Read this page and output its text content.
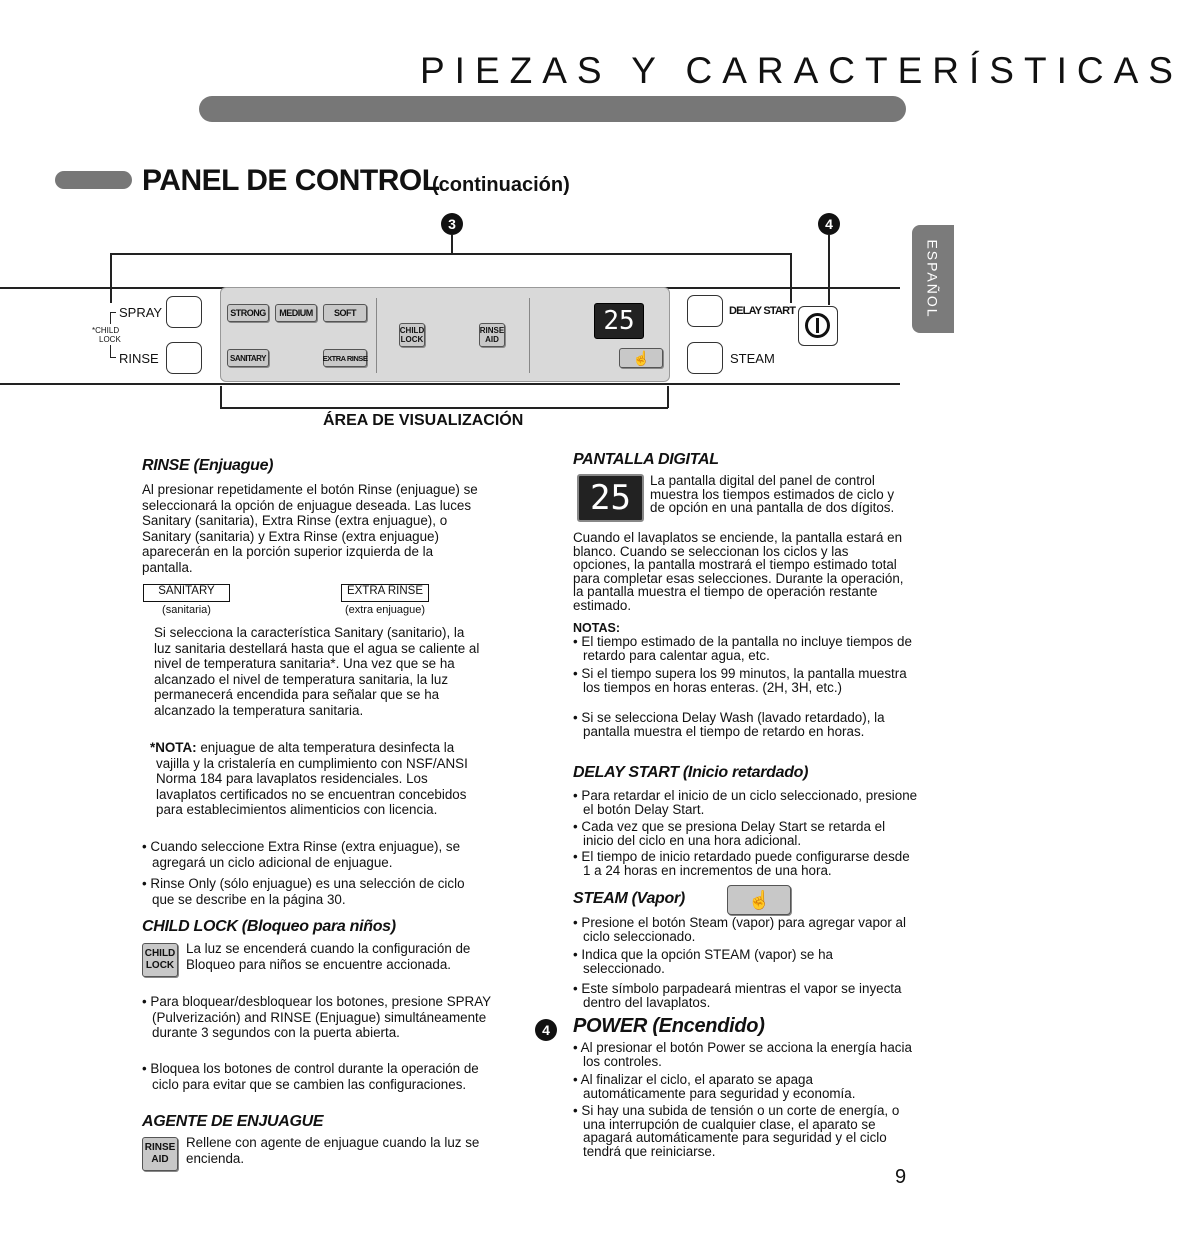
PIEZAS Y CARACTERÍSTICAS
PANEL DE CONTROL
(continuación)
ESPAÑOL
3	4
SPRAY
*CHILD
LOCK
RINSE
STRONG	MEDIUM	SOFT
SANITARY	EXTRA RINSE
CHILD
LOCK
RINSE
AID
25
☝
DELAY START
STEAM
ÁREA DE VISUALIZACIÓN
RINSE (Enjuague)
Al presionar repetidamente el botón Rinse (enjuague) se seleccionará la opción de enjuague deseada. Las luces Sanitary (sanitaria), Extra Rinse (extra enjuague), o Sanitary (sanitaria) y Extra Rinse (extra enjuague) aparecerán en la porción superior izquierda de la pantalla.
SANITARY
(sanitaria)
EXTRA RINSE
(extra enjuague)
Si selecciona la característica Sanitary (sanitario), la luz sanitaria destellará hasta que el agua se caliente al nivel de temperatura sanitaria*. Una vez que se ha alcanzado el nivel de temperatura sanitaria, la luz permanecerá encendida para señalar que se ha alcanzado la temperatura sanitaria.
*NOTA: enjuague de alta temperatura desinfecta la vajilla y la cristalería en cumplimiento con NSF/ANSI Norma 184 para lavaplatos residenciales. Los lavaplatos certificados no se encuentran concebidos para establecimientos alimenticios con licencia.
• Cuando seleccione Extra Rinse (extra enjuague), se agregará un ciclo adicional de enjuague.
• Rinse Only (sólo enjuague) es una selección de ciclo que se describe en la página 30.
CHILD LOCK (Bloqueo para niños)
CHILD
LOCK
La luz se encenderá cuando la configuración de Bloqueo para niños se encuentre accionada.
• Para bloquear/desbloquear los botones, presione SPRAY (Pulverización) and RINSE (Enjuague) simultáneamente durante 3 segundos con la puerta abierta.
• Bloquea los botones de control durante la operación de ciclo para evitar que se cambien las configuraciones.
AGENTE DE ENJUAGUE
RINSE
AID
Rellene con agente de enjuague cuando la luz se encienda.
PANTALLA DIGITAL
25	La pantalla digital del panel de control muestra los tiempos estimados de ciclo y de opción en una pantalla de dos dígitos.
Cuando el lavaplatos se enciende, la pantalla estará en blanco. Cuando se seleccionan los ciclos y las opciones, la pantalla mostrará el tiempo estimado total para completar esas selecciones. Durante la operación, la pantalla muestra el tiempo de operación restante estimado.
NOTAS:
• El tiempo estimado de la pantalla no incluye tiempos de retardo para calentar agua, etc.
• Si el tiempo supera los 99 minutos, la pantalla muestra los tiempos en horas enteras. (2H, 3H, etc.)
• Si se selecciona Delay Wash (lavado retardado), la pantalla muestra el tiempo de retardo en horas.
DELAY START (Inicio retardado)
• Para retardar el inicio de un ciclo seleccionado, presione el botón Delay Start.
• Cada vez que se presiona Delay Start se retarda el inicio del ciclo en una hora adicional.
• El tiempo de inicio retardado puede configurarse desde 1 a 24 horas en incrementos de una hora.
STEAM (Vapor)	☝
• Presione el botón Steam (vapor) para agregar vapor al ciclo seleccionado.
• Indica que la opción STEAM (vapor) se ha seleccionado.
• Este símbolo parpadeará mientras el vapor se inyecta dentro del lavaplatos.
4	POWER (Encendido)
• Al presionar el botón Power se acciona la energía hacia los controles.
• Al finalizar el ciclo, el aparato se apaga automáticamente para seguridad y economía.
• Si hay una subida de tensión o un corte de energía, o una interrupción de cualquier clase, el aparato se apagará automáticamente para seguridad y el ciclo tendrá que reiniciarse.
9
